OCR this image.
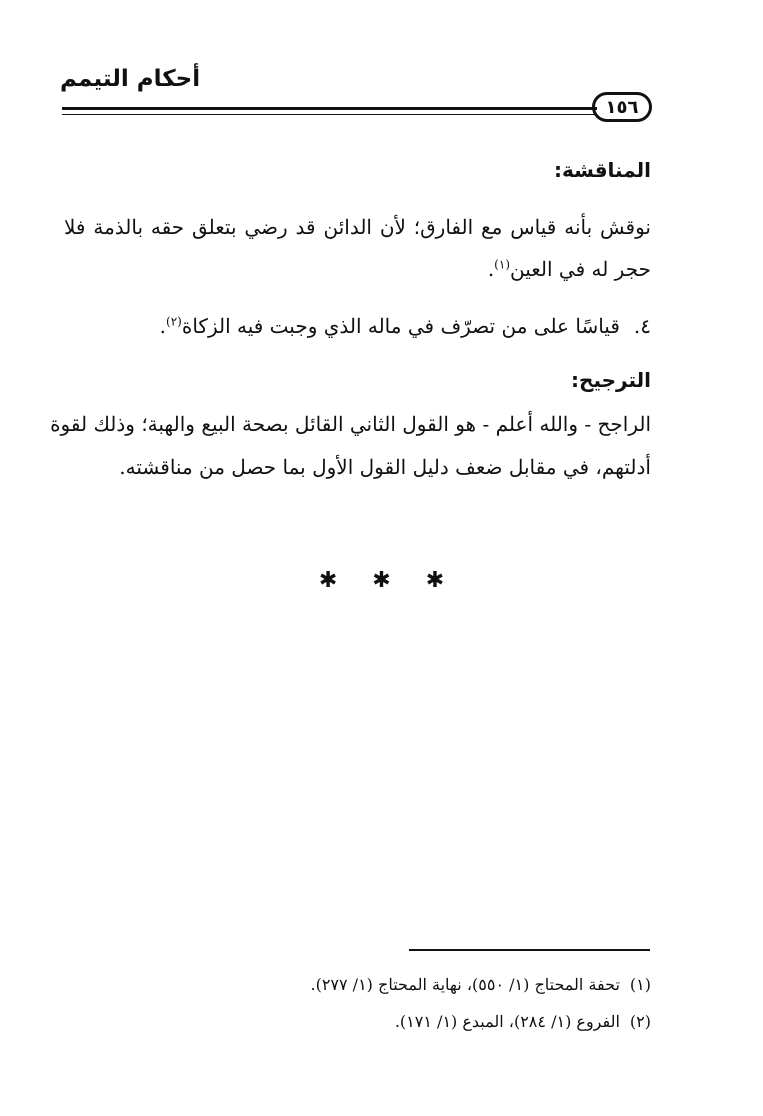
أحكام التيمم
١٥٦
المناقشة:
نوقش بأنه قياس مع الفارق؛ لأن الدائن قد رضي بتعلق حقه بالذمة فلا
حجر له في العين$^{(١)}$.
٤.قياسًا على من تصرّف في ماله الذي وجبت فيه الزكاة$^{(٢)}$.
الترجيح:
الراجح - والله أعلم - هو القول الثاني القائل بصحة البيع والهبة؛ وذلك لقوة
أدلتهم، في مقابل ضعف دليل القول الأول بما حصل من مناقشته.
✱ ✱ ✱
(١)تحفة المحتاج (١/ ٥٥٠)، نهاية المحتاج (١/ ٢٧٧).
(٢)الفروع (١/ ٢٨٤)، المبدع (١/ ١٧١).
